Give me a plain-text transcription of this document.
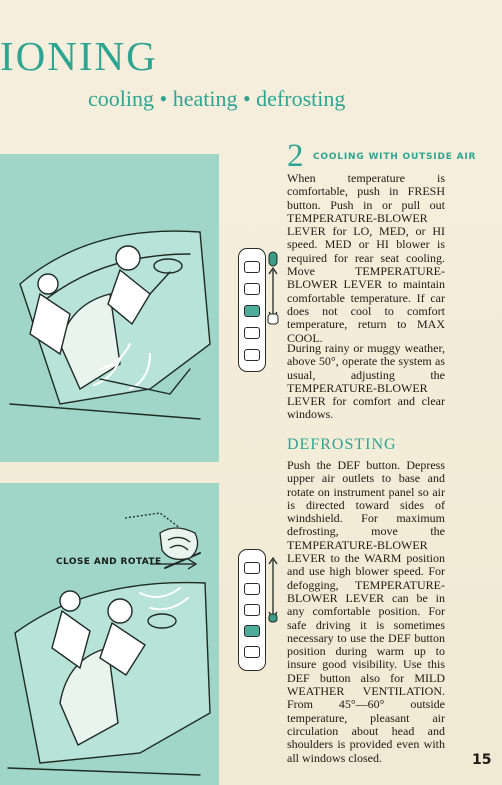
IONING
cooling • heating • defrosting
CLOSE AND ROTATE
2 COOLING WITH OUTSIDE AIR
When temperature is comfortable, push in FRESH button. Push in or pull out TEMPERATURE-BLOWER LEVER for LO, MED, or HI speed. MED or HI blower is required for rear seat cooling. Move TEMPERATURE-BLOWER LEVER to maintain comfortable temperature. If car does not cool to comfort temperature, return to MAX COOL.
During rainy or muggy weather, above 50°, operate the system as usual, adjusting the TEMPERATURE-BLOWER LEVER for comfort and clear windows.
DEFROSTING
Push the DEF button. Depress upper air outlets to base and rotate on instrument panel so air is directed toward sides of windshield. For maximum defrosting, move the TEMPERATURE-BLOWER LEVER to the WARM position and use high blower speed. For defogging, TEMPERATURE-BLOWER LEVER can be in any comfortable position. For safe driving it is sometimes necessary to use the DEF button position during warm up to insure good visibility. Use this DEF button also for MILD WEATHER VENTILATION. From 45°—60° outside temperature, pleasant air circulation about head and shoulders is provided even with all windows closed.	15
